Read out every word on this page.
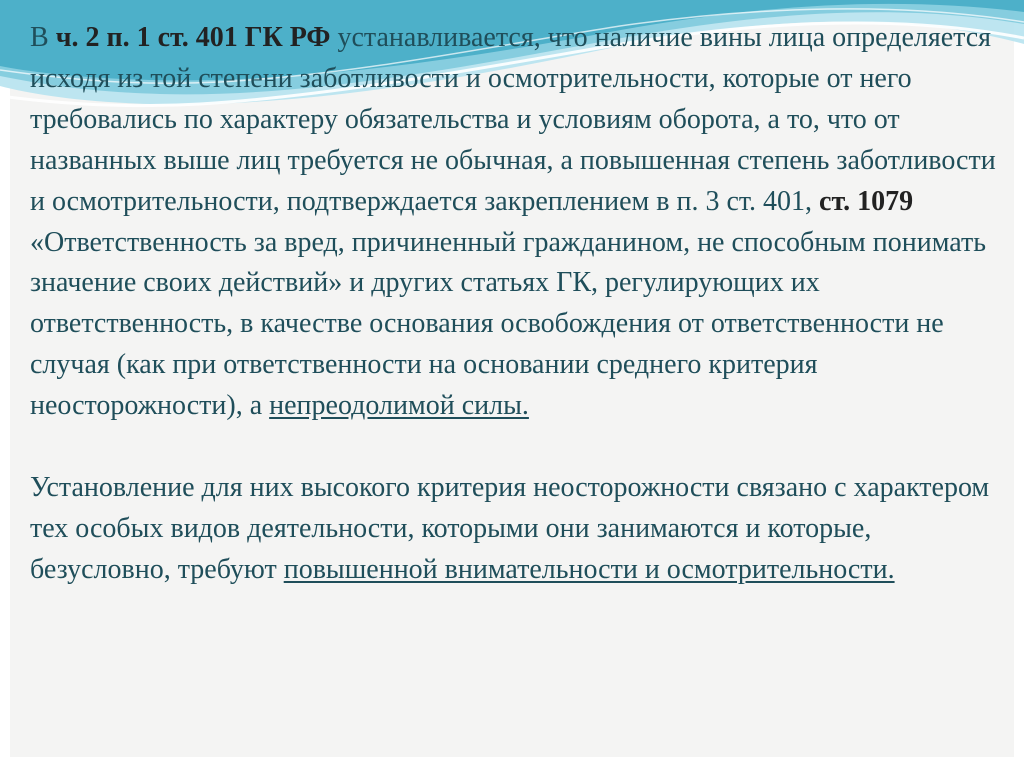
В ч. 2 п. 1 ст. 401 ГК РФ устанавливается, что наличие вины лица определяется исходя из той степени заботливости и осмотрительности, которые от него требовались по характеру обязательства и условиям оборота, а то, что от названных выше лиц требуется не обычная, а повышенная степень заботливости и осмотрительности, подтверждается закреплением в п. 3 ст. 401, ст. 1079 «Ответственность за вред, причиненный гражданином, не способным понимать значение своих действий» и других статьях ГК, регулирующих их ответственность, в качестве основания освобождения от ответственности не случая (как при ответственности на основании среднего критерия неосторожности), а непреодолимой силы.

Установление для них высокого критерия неосторожности связано с характером тех особых видов деятельности, которыми они занимаются и которые, безусловно, требуют повышенной внимательности и осмотрительности.
